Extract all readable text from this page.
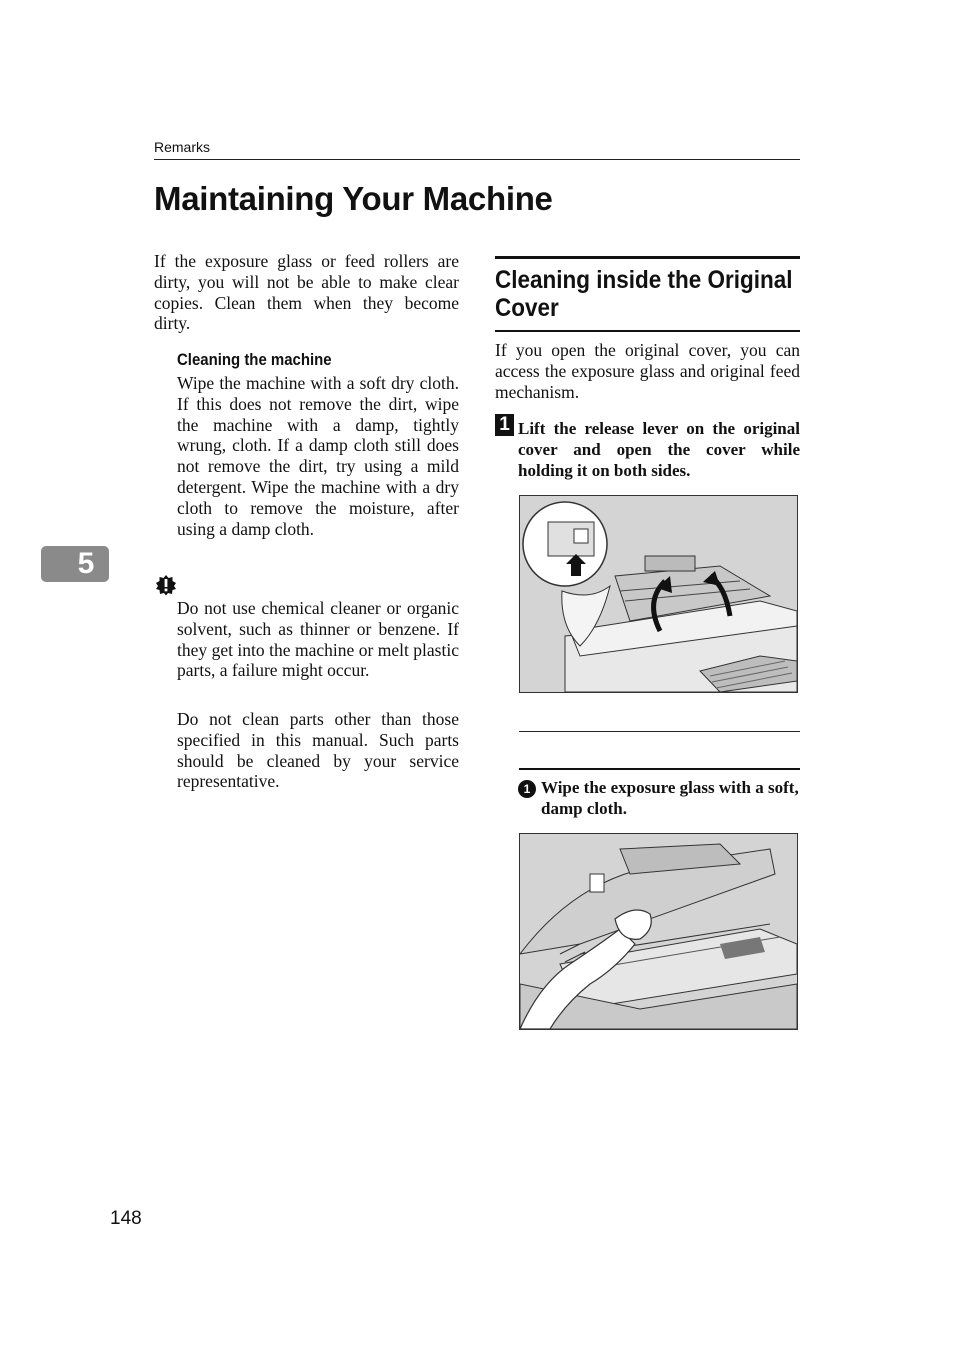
Remarks
Maintaining Your Machine

If the exposure glass or feed rollers are dirty, you will not be able to make clear copies. Clean them when they become dirty.

Cleaning the machine

Wipe the machine with a soft dry cloth. If this does not remove the dirt, wipe the machine with a damp, tightly wrung, cloth. If a damp cloth still does not remove the dirt, try using a mild detergent. Wipe the machine with a dry cloth to remove the moisture, after using a damp cloth.

Do not use chemical cleaner or organic solvent, such as thinner or benzene. If they get into the machine or melt plastic parts, a failure might occur.

Do not clean parts other than those specified in this manual. Such parts should be cleaned by your service representative.

Cleaning inside the Original
Cover

If you open the original cover, you can access the exposure glass and original feed mechanism.

1 Lift the release lever on the original cover and open the cover while holding it on both sides.

1 Wipe the exposure glass with a soft, damp cloth.

5
148
